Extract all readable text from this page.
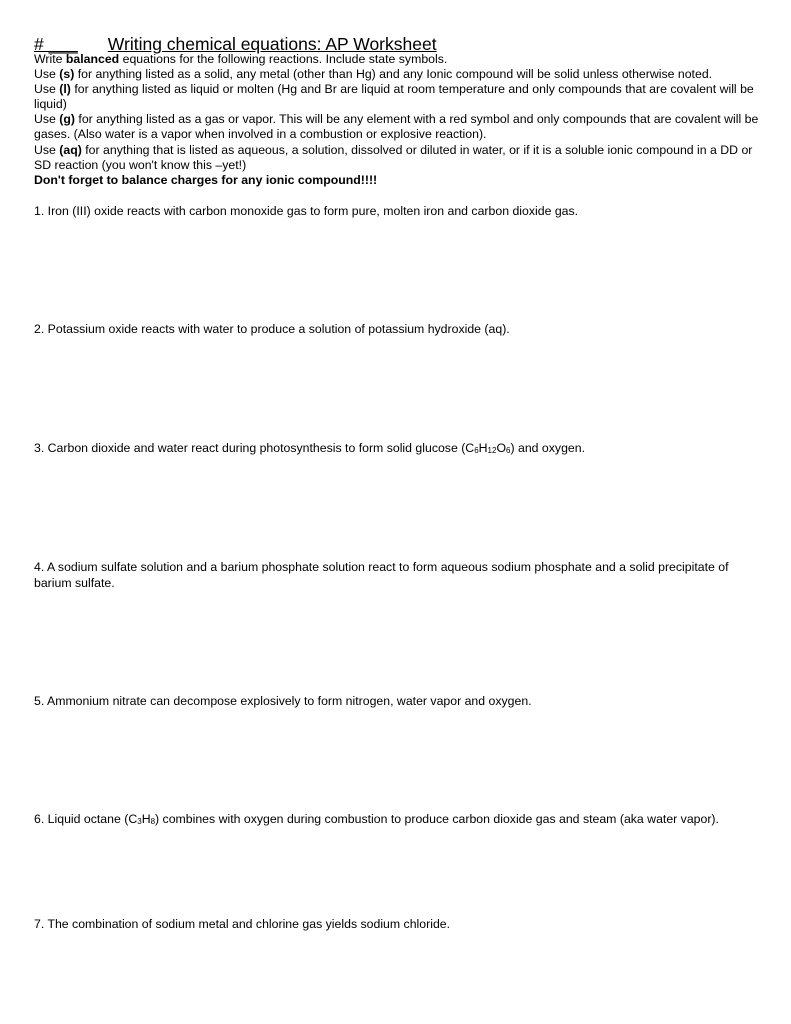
# ___ Writing chemical equations: AP Worksheet

Write balanced equations for the following reactions. Include state symbols.

Use (s) for anything listed as a solid, any metal (other than Hg) and any Ionic compound will be solid unless otherwise noted.

Use (l) for anything listed as liquid or molten (Hg and Br are liquid at room temperature and only compounds that are covalent will be liquid)

Use (g) for anything listed as a gas or vapor. This will be any element with a red symbol and only compounds that are covalent will be gases. (Also water is a vapor when involved in a combustion or explosive reaction).

Use (aq) for anything that is listed as aqueous, a solution, dissolved or diluted in water, or if it is a soluble ionic compound in a DD or SD reaction (you won't know this –yet!)

Don't forget to balance charges for any ionic compound!!!!

1. Iron (III) oxide reacts with carbon monoxide gas to form pure, molten iron and carbon dioxide gas.

2. Potassium oxide reacts with water to produce a solution of potassium hydroxide (aq).

3. Carbon dioxide and water react during photosynthesis to form solid glucose $(C_6H_{12}O_6)$ and oxygen.

4. A sodium sulfate solution and a barium phosphate solution react to form aqueous sodium phosphate and a solid precipitate of barium sulfate.

5. Ammonium nitrate can decompose explosively to form nitrogen, water vapor and oxygen.

6. Liquid octane $(C_3H_8)$ combines with oxygen during combustion to produce carbon dioxide gas and steam (aka water vapor).

7. The combination of sodium metal and chlorine gas yields sodium chloride.
